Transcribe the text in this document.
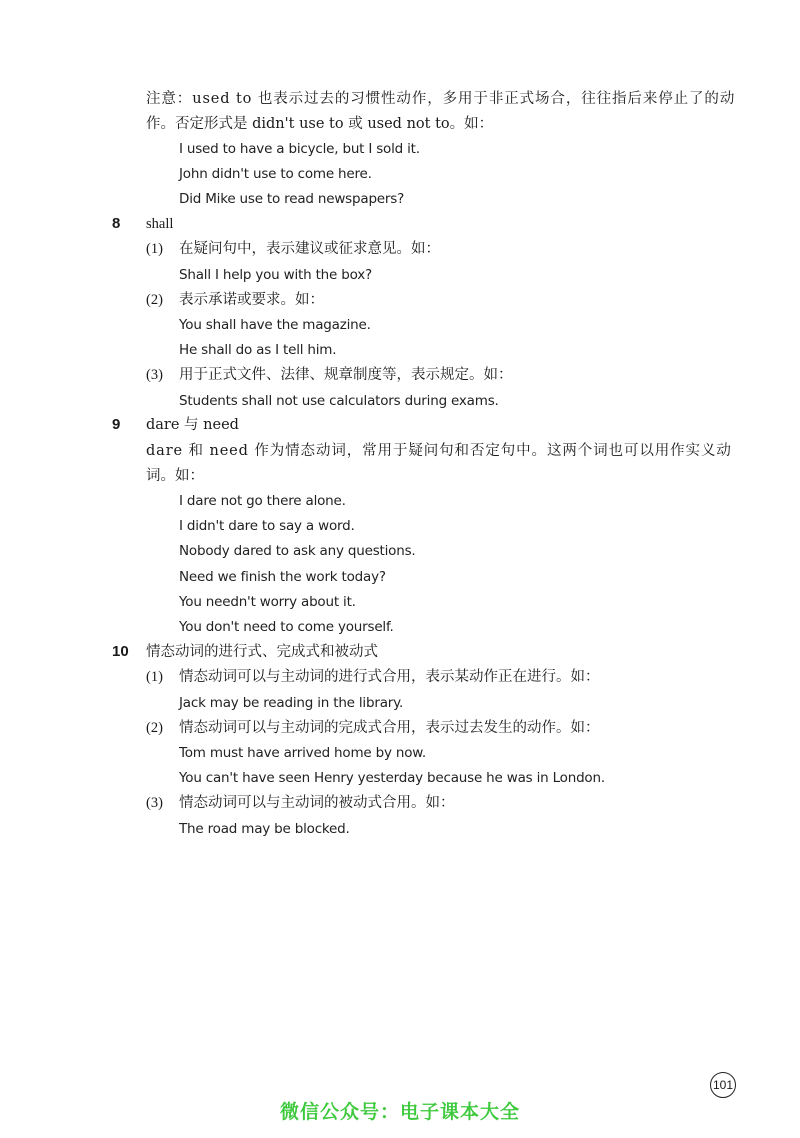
注意：used to 也表示过去的习惯性动作，多用于非正式场合，往往指后来停止了的动
作。否定形式是 didn't use to 或 used not to。如：
I used to have a bicycle, but I sold it.
John didn't use to come here.
Did Mike use to read newspapers?
8 shall
(1) 在疑问句中，表示建议或征求意见。如：
Shall I help you with the box?
(2) 表示承诺或要求。如：
You shall have the magazine.
He shall do as I tell him.
(3) 用于正式文件、法律、规章制度等，表示规定。如：
Students shall not use calculators during exams.
9 dare 与 need
dare 和 need 作为情态动词，常用于疑问句和否定句中。这两个词也可以用作实义动
词。如：
I dare not go there alone.
I didn't dare to say a word.
Nobody dared to ask any questions.
Need we finish the work today?
You needn't worry about it.
You don't need to come yourself.
10 情态动词的进行式、完成式和被动式
(1) 情态动词可以与主动词的进行式合用，表示某动作正在进行。如：
Jack may be reading in the library.
(2) 情态动词可以与主动词的完成式合用，表示过去发生的动作。如：
Tom must have arrived home by now.
You can't have seen Henry yesterday because he was in London.
(3) 情态动词可以与主动词的被动式合用。如：
The road may be blocked.
101
微信公众号：电子课本大全
